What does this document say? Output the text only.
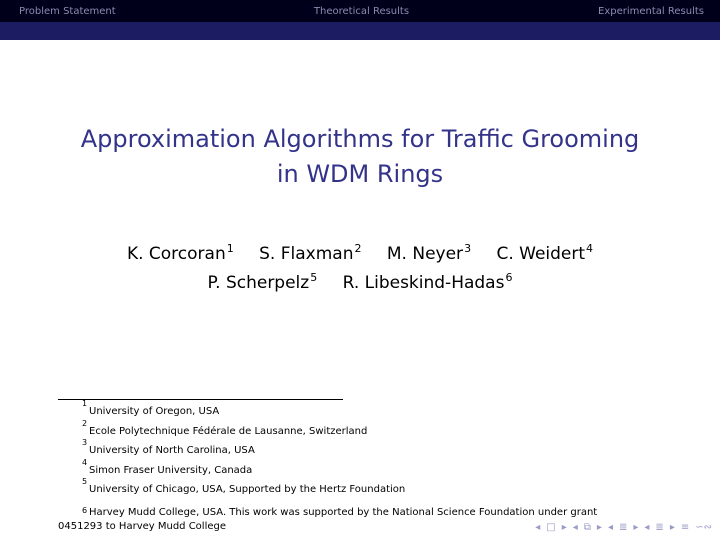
Problem Statement	Theoretical Results	Experimental Results
Approximation Algorithms for Traffic Grooming
in WDM Rings
K. Corcoran$^1$ S. Flaxman$^2$ M. Neyer$^3$ C. Weidert$^4$
P. Scherpelz$^5$ R. Libeskind-Hadas$^6$
1
University of Oregon, USA
2
Ecole Polytechnique Fédérale de Lausanne, Switzerland
3
University of North Carolina, USA
4
Simon Fraser University, Canada
5
University of Chicago, USA, Supported by the Hertz Foundation
6 Harvey Mudd College, USA. This work was supported by the National Science Foundation under grant
0451293 to Harvey Mudd College	◂ □ ▸ ◂ ⧉ ▸ ◂ ≣ ▸ ◂ ≣ ▸ ≡ ∽∾
